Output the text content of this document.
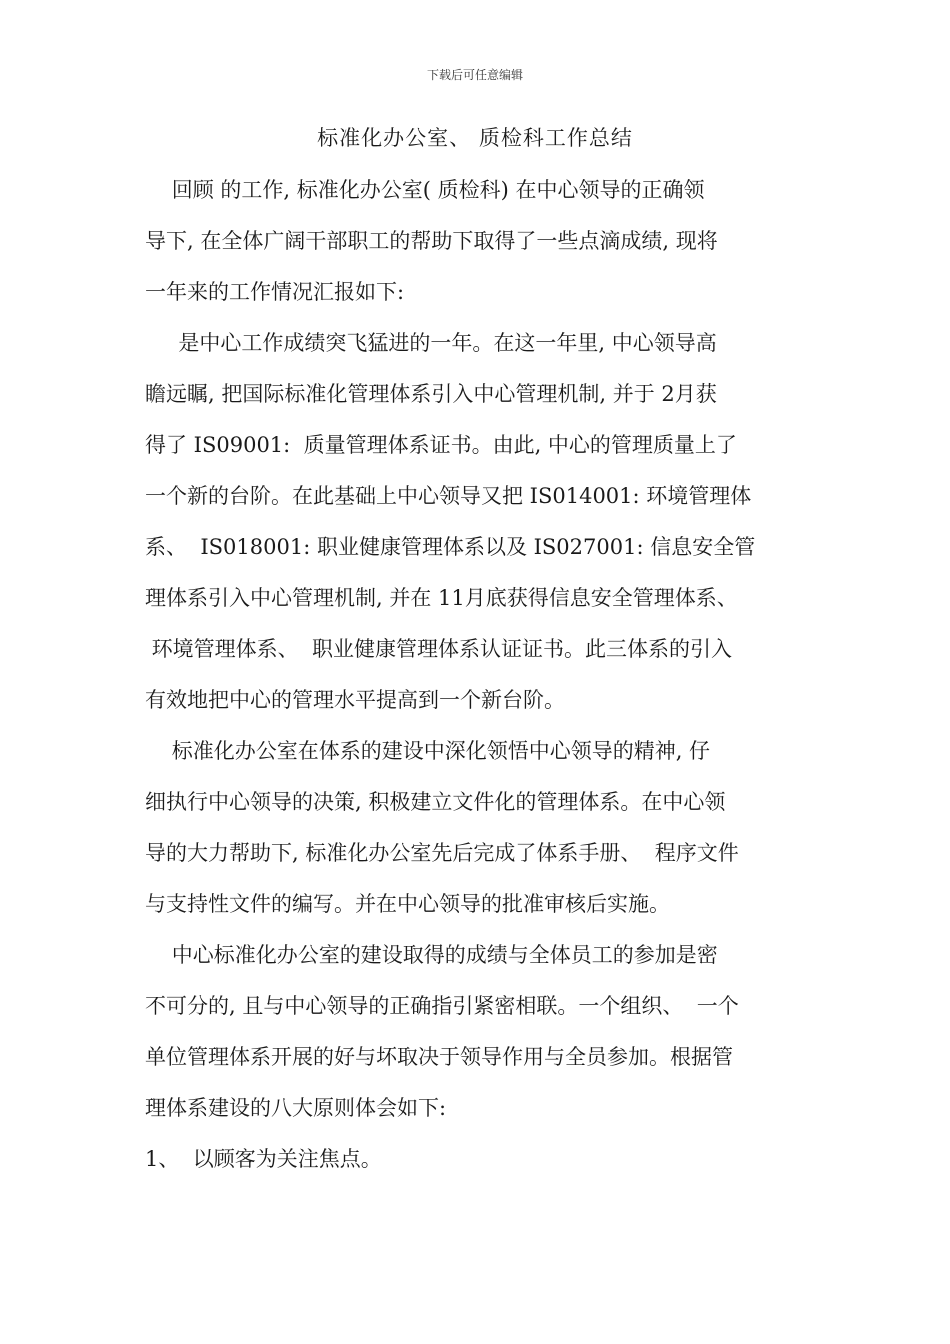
下载后可任意编辑
标准化办公室、 质检科工作总结
回顾 的工作, 标准化办公室( 质检科) 在中心领导的正确领
导下, 在全体广阔干部职工的帮助下取得了一些点滴成绩, 现将
一年来的工作情况汇报如下:
是中心工作成绩突飞猛进的一年。在这一年里, 中心领导高
瞻远瞩, 把国际标准化管理体系引入中心管理机制, 并于 2月获
得了 IS09001:  质量管理体系证书。由此, 中心的管理质量上了
一个新的台阶。在此基础上中心领导又把 IS014001: 环境管理体
系、  IS018001: 职业健康管理体系以及 IS027001: 信息安全管
理体系引入中心管理机制, 并在 11月底获得信息安全管理体系、
环境管理体系、  职业健康管理体系认证证书。此三体系的引入
有效地把中心的管理水平提高到一个新台阶。
标准化办公室在体系的建设中深化领悟中心领导的精神, 仔
细执行中心领导的决策, 积极建立文件化的管理体系。在中心领
导的大力帮助下, 标准化办公室先后完成了体系手册、  程序文件
与支持性文件的编写。并在中心领导的批准审核后实施。
中心标准化办公室的建设取得的成绩与全体员工的参加是密
不可分的, 且与中心领导的正确指引紧密相联。一个组织、  一个
单位管理体系开展的好与坏取决于领导作用与全员参加。根据管
理体系建设的八大原则体会如下:
1、  以顾客为关注焦点。
